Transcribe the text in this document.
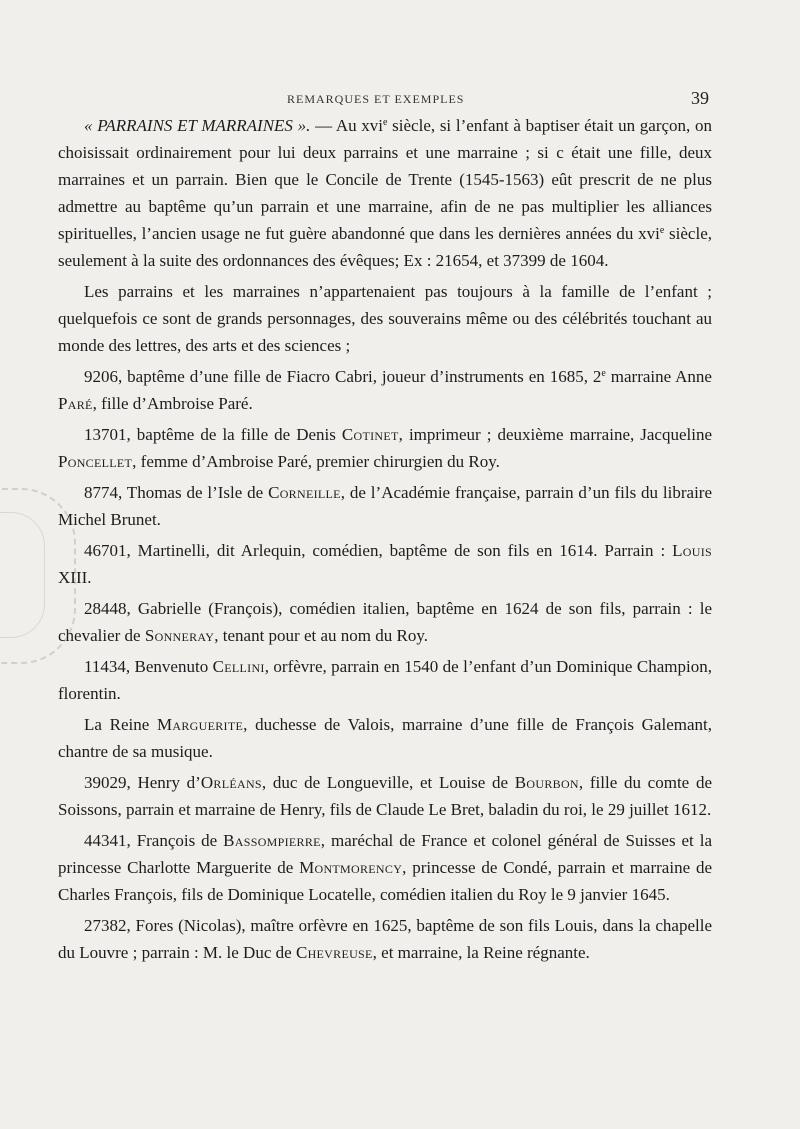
REMARQUES ET EXEMPLES	39

« PARRAINS ET MARRAINES ». — Au xvi$^e$ siècle, si l’enfant à baptiser était un garçon, on choisissait ordinairement pour lui deux parrains et une marraine ; si c était une fille, deux marraines et un parrain. Bien que le Concile de Trente (1545-1563) eût prescrit de ne plus admettre au baptême qu’un parrain et une marraine, afin de ne pas multiplier les alliances spirituelles, l’ancien usage ne fut guère abandonné que dans les dernières années du xvi$^e$ siècle, seulement à la suite des ordonnances des évêques; Ex : 21654, et 37399 de 1604.

Les parrains et les marraines n’appartenaient pas toujours à la famille de l’enfant ; quelquefois ce sont de grands personnages, des souverains même ou des célébrités touchant au monde des lettres, des arts et des sciences ;

9206, baptême d’une fille de Fiacro Cabri, joueur d’instruments en 1685, 2e marraine Anne Paré, fille d’Ambroise Paré.

13701, baptême de la fille de Denis Cotinet, imprimeur ; deuxième marraine, Jacqueline Poncellet, femme d’Ambroise Paré, premier chirurgien du Roy.

8774, Thomas de l’Isle de Corneille, de l’Académie française, parrain d’un fils du libraire Michel Brunet.

46701, Martinelli, dit Arlequin, comédien, baptême de son fils en 1614. Parrain : Louis XIII.

28448, Gabrielle (François), comédien italien, baptême en 1624 de son fils, parrain : le chevalier de Sonneray, tenant pour et au nom du Roy.

11434, Benvenuto Cellini, orfèvre, parrain en 1540 de l’enfant d’un Dominique Champion, florentin.

La Reine Marguerite, duchesse de Valois, marraine d’une fille de François Galemant, chantre de sa musique.

39029, Henry d’Orléans, duc de Longueville, et Louise de Bourbon, fille du comte de Soissons, parrain et marraine de Henry, fils de Claude Le Bret, baladin du roi, le 29 juillet 1612.

44341, François de Bassompierre, maréchal de France et colonel général de Suisses et la princesse Charlotte Marguerite de Montmorency, princesse de Condé, parrain et marraine de Charles François, fils de Dominique Locatelle, comédien italien du Roy le 9 janvier 1645.

27382, Fores (Nicolas), maître orfèvre en 1625, baptême de son fils Louis, dans la chapelle du Louvre ; parrain : M. le Duc de Chevreuse, et marraine, la Reine régnante.
